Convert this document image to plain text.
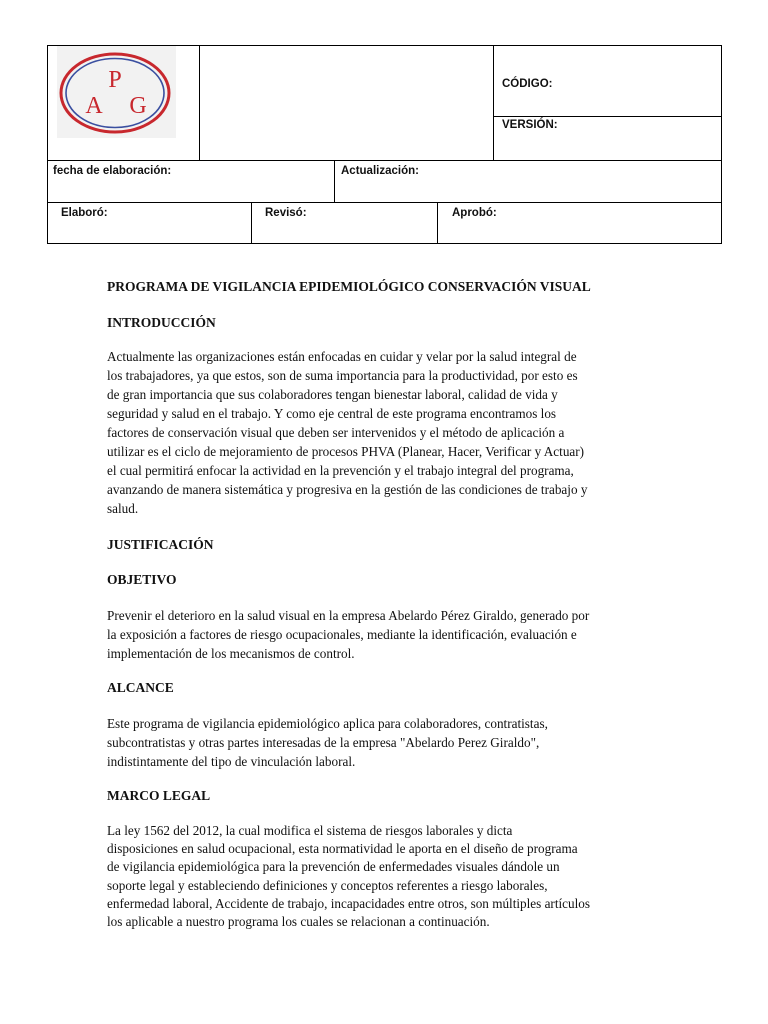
P
A G
CÓDIGO:
VERSIÓN:
fecha de elaboración:	Actualización:
Elaboró:	Revisó:	Aprobó:
PROGRAMA DE VIGILANCIA EPIDEMIOLÓGICO CONSERVACIÓN VISUAL
INTRODUCCIÓN
Actualmente las organizaciones están enfocadas en cuidar y velar por la salud integral de
los trabajadores, ya que estos, son de suma importancia para la productividad, por esto es
de gran importancia que sus colaboradores tengan bienestar laboral, calidad de vida y
seguridad y salud en el trabajo. Y como eje central de este programa encontramos los
factores de conservación visual que deben ser intervenidos y el método de aplicación a
utilizar es el ciclo de mejoramiento de procesos PHVA (Planear, Hacer, Verificar y Actuar)
el cual permitirá enfocar la actividad en la prevención y el trabajo integral del programa,
avanzando de manera sistemática y progresiva en la gestión de las condiciones de trabajo y
salud.
JUSTIFICACIÓN
OBJETIVO
Prevenir el deterioro en la salud visual en la empresa Abelardo Pérez Giraldo, generado por
la exposición a factores de riesgo ocupacionales, mediante la identificación, evaluación e
implementación de los mecanismos de control.
ALCANCE
Este programa de vigilancia epidemiológico aplica para colaboradores, contratistas,
subcontratistas y otras partes interesadas de la empresa "Abelardo Perez Giraldo",
indistintamente del tipo de vinculación laboral.
MARCO LEGAL
La ley 1562 del 2012, la cual modifica el sistema de riesgos laborales y dicta
disposiciones en salud ocupacional, esta normatividad le aporta en el diseño de programa
de vigilancia epidemiológica para la prevención de enfermedades visuales dándole un
soporte legal y estableciendo definiciones y conceptos referentes a riesgo laborales,
enfermedad laboral, Accidente de trabajo, incapacidades entre otros, son múltiples artículos
los aplicable a nuestro programa los cuales se relacionan a continuación.
